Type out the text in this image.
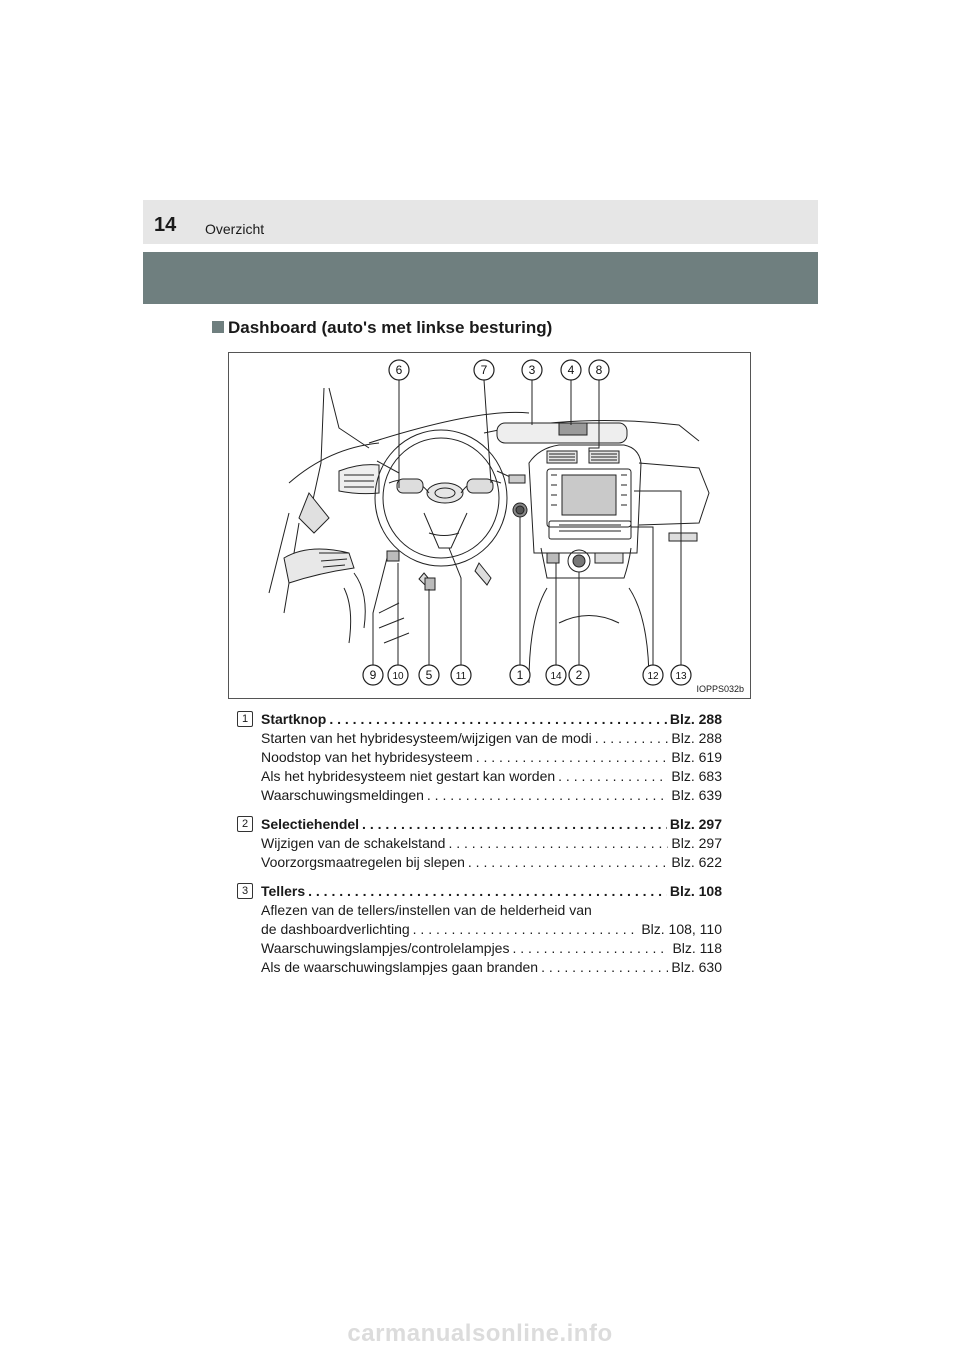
14 Overzicht
Dashboard (auto's met linkse besturing)
6	7	3	4 8
9 10 5 11	1	14 2	12 13
IOPPS032b
1 Startknop . . .	Blz. 288
Starten van het hybridesysteem/wijzigen van de modi . . .	Blz. 288
Noodstop van het hybridesysteem . . .	Blz. 619
Als het hybridesysteem niet gestart kan worden . . .	Blz. 683
Waarschuwingsmeldingen . . .	Blz. 639
2 Selectiehendel . . .	Blz. 297
Wijzigen van de schakelstand . . .	Blz. 297
Voorzorgsmaatregelen bij slepen . . .	Blz. 622
3 Tellers . . .	Blz. 108
Aflezen van de tellers/instellen van de helderheid van
de dashboardverlichting . . .	Blz. 108, 110
Waarschuwingslampjes/controlelampjes . . .	Blz. 118
Als de waarschuwingslampjes gaan branden . . .	Blz. 630
carmanualsonline.info
